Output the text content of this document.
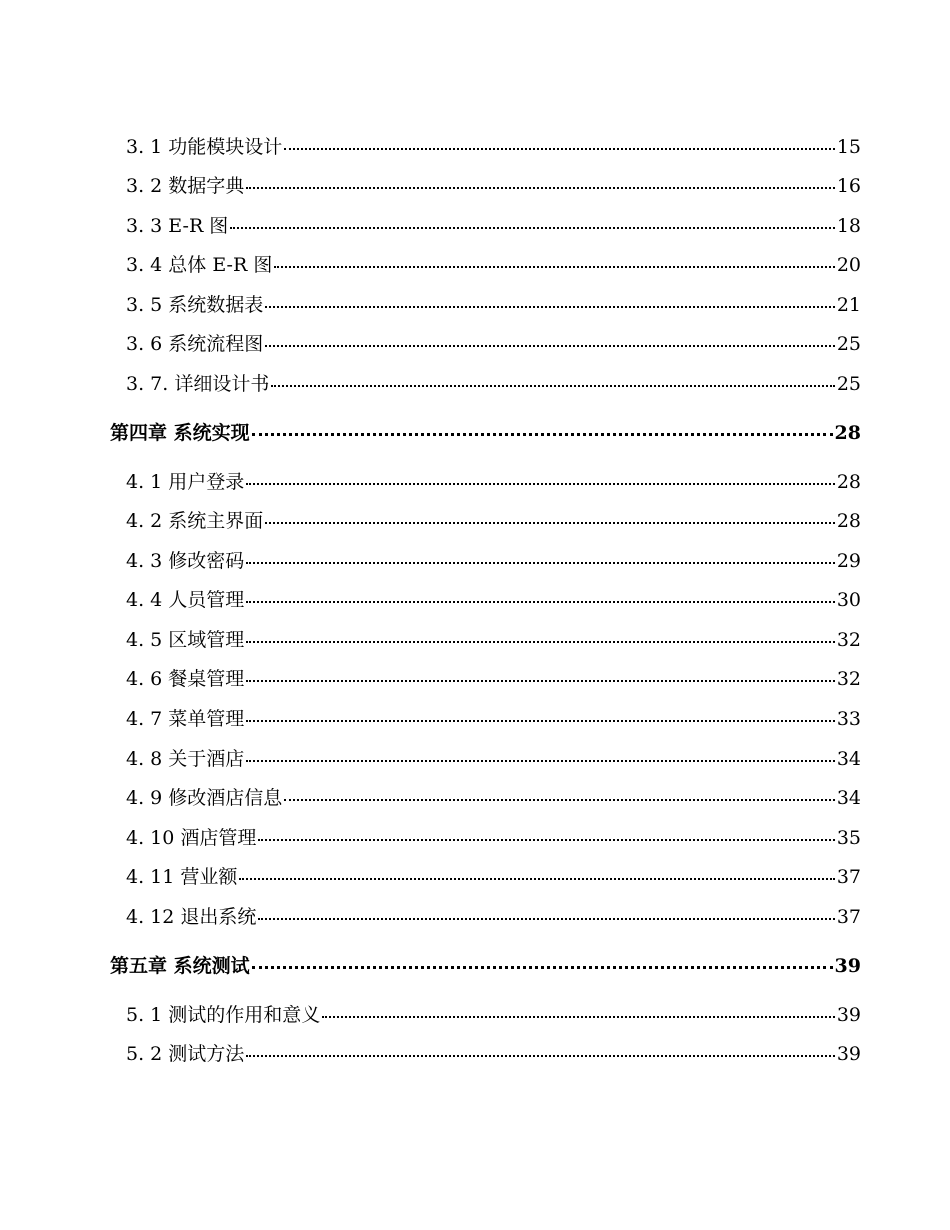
3. 1 功能模块设计	15
3. 2 数据字典	16
3. 3 E-R 图	18
3. 4 总体 E-R 图	20
3. 5 系统数据表	21
3. 6 系统流程图	25
3. 7. 详细设计书	25
第四章 系统实现	28
4. 1 用户登录	28
4. 2 系统主界面	28
4. 3 修改密码	29
4. 4 人员管理	30
4. 5 区域管理	32
4. 6 餐桌管理	32
4. 7 菜单管理	33
4. 8 关于酒店	34
4. 9 修改酒店信息	34
4. 10 酒店管理	35
4. 11 营业额	37
4. 12 退出系统	37
第五章 系统测试	39
5. 1 测试的作用和意义	39
5. 2 测试方法	39
